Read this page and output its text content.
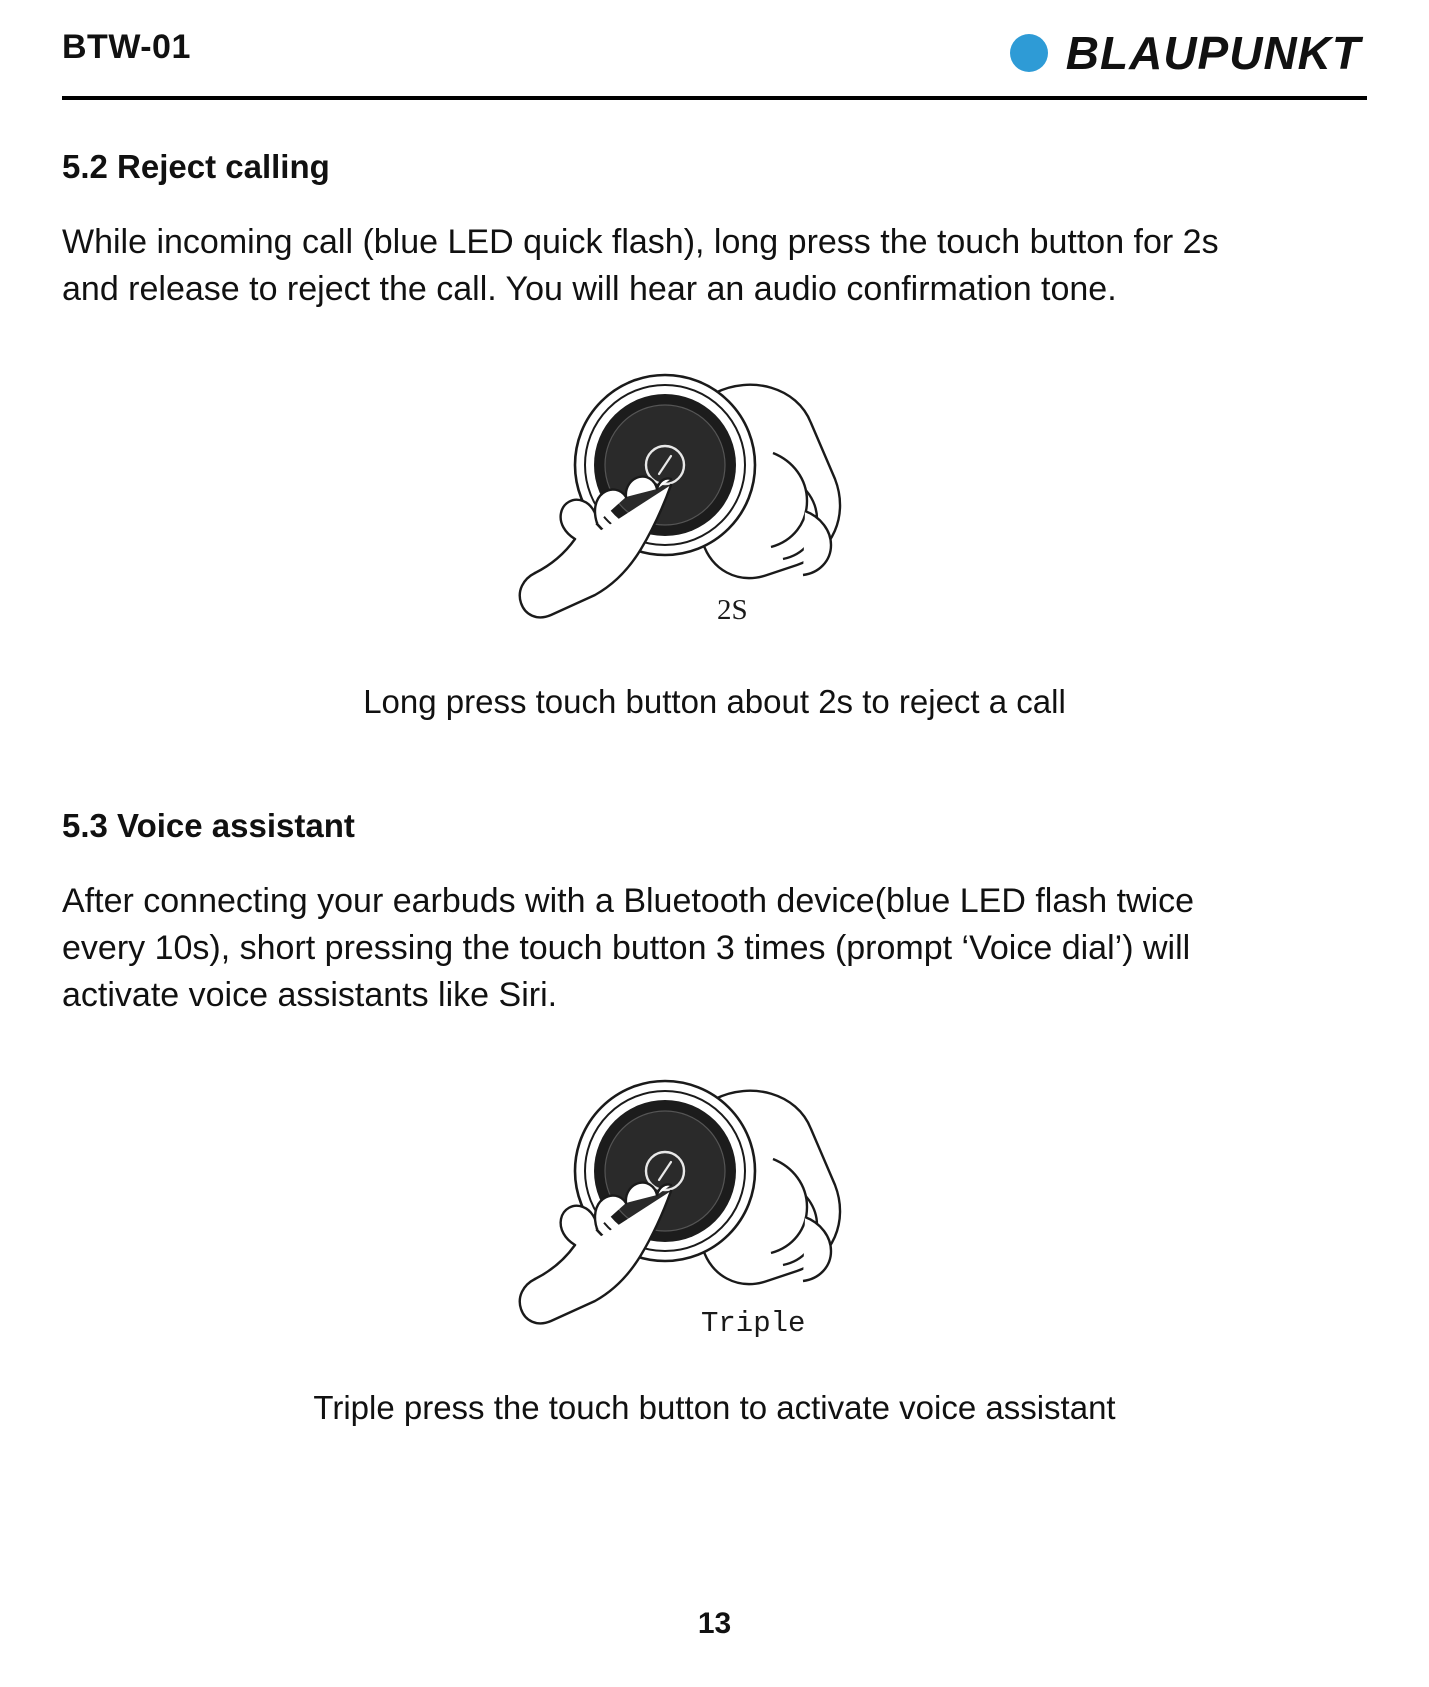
BTW-01	BLAUPUNKT
5.2 Reject calling

While incoming call (blue LED quick flash), long press the touch button for 2s and release to reject the call. You will hear an audio confirmation tone.

2S

Long press touch button about 2s to reject a call

5.3 Voice assistant

After connecting your earbuds with a Bluetooth device(blue LED flash twice every 10s), short pressing the touch button 3 times (prompt ‘Voice dial’) will activate voice assistants like Siri.

Triple

Triple press the touch button to activate voice assistant

13
